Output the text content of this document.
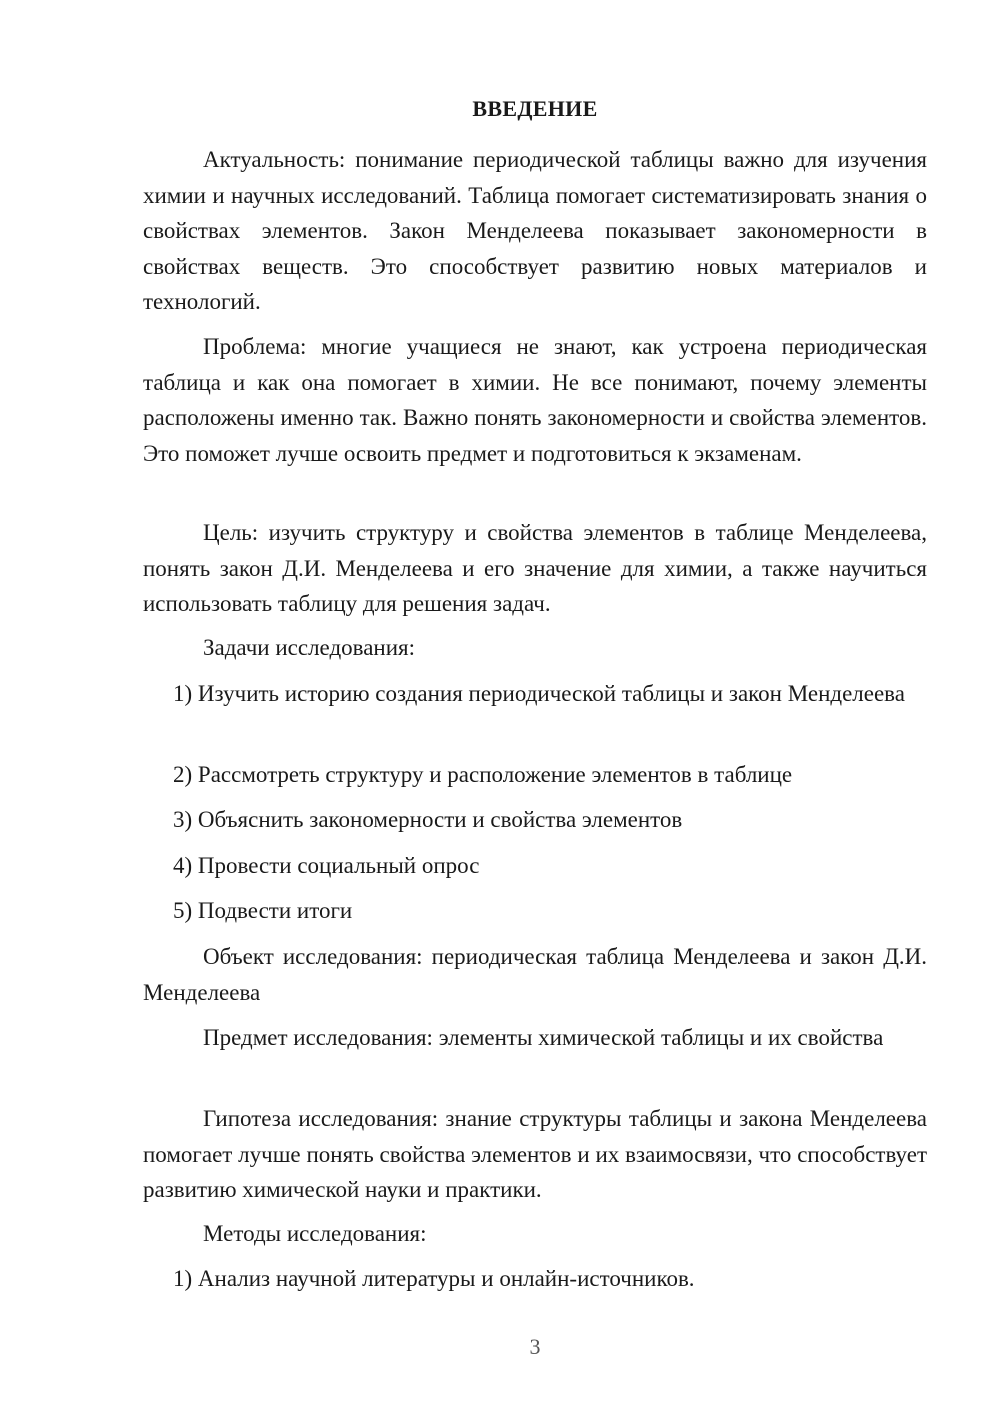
ВВЕДЕНИЕ

Актуальность: понимание периодической таблицы важно для изучения химии и научных исследований. Таблица помогает систематизировать знания о свойствах элементов. Закон Менделеева показывает закономерности в свойствах веществ. Это способствует развитию новых материалов и технологий.

Проблема: многие учащиеся не знают, как устроена периодическая таблица и как она помогает в химии. Не все понимают, почему элементы расположены именно так. Важно понять закономерности и свойства элементов. Это поможет лучше освоить предмет и подготовиться к экзаменам.

Цель: изучить структуру и свойства элементов в таблице Менделеева, понять закон Д.И. Менделеева и его значение для химии, а также научиться использовать таблицу для решения задач.

Задачи исследования:

1) Изучить историю создания периодической таблицы и закон Менделеева

2) Рассмотреть структуру и расположение элементов в таблице

3) Объяснить закономерности и свойства элементов

4) Провести социальный опрос

5) Подвести итоги

Объект исследования: периодическая таблица Менделеева и закон Д.И. Менделеева

Предмет исследования: элементы химической таблицы и их свойства

Гипотеза исследования: знание структуры таблицы и закона Менделеева помогает лучше понять свойства элементов и их взаимосвязи, что способствует развитию химической науки и практики.

Методы исследования:

1) Анализ научной литературы и онлайн-источников.

3
